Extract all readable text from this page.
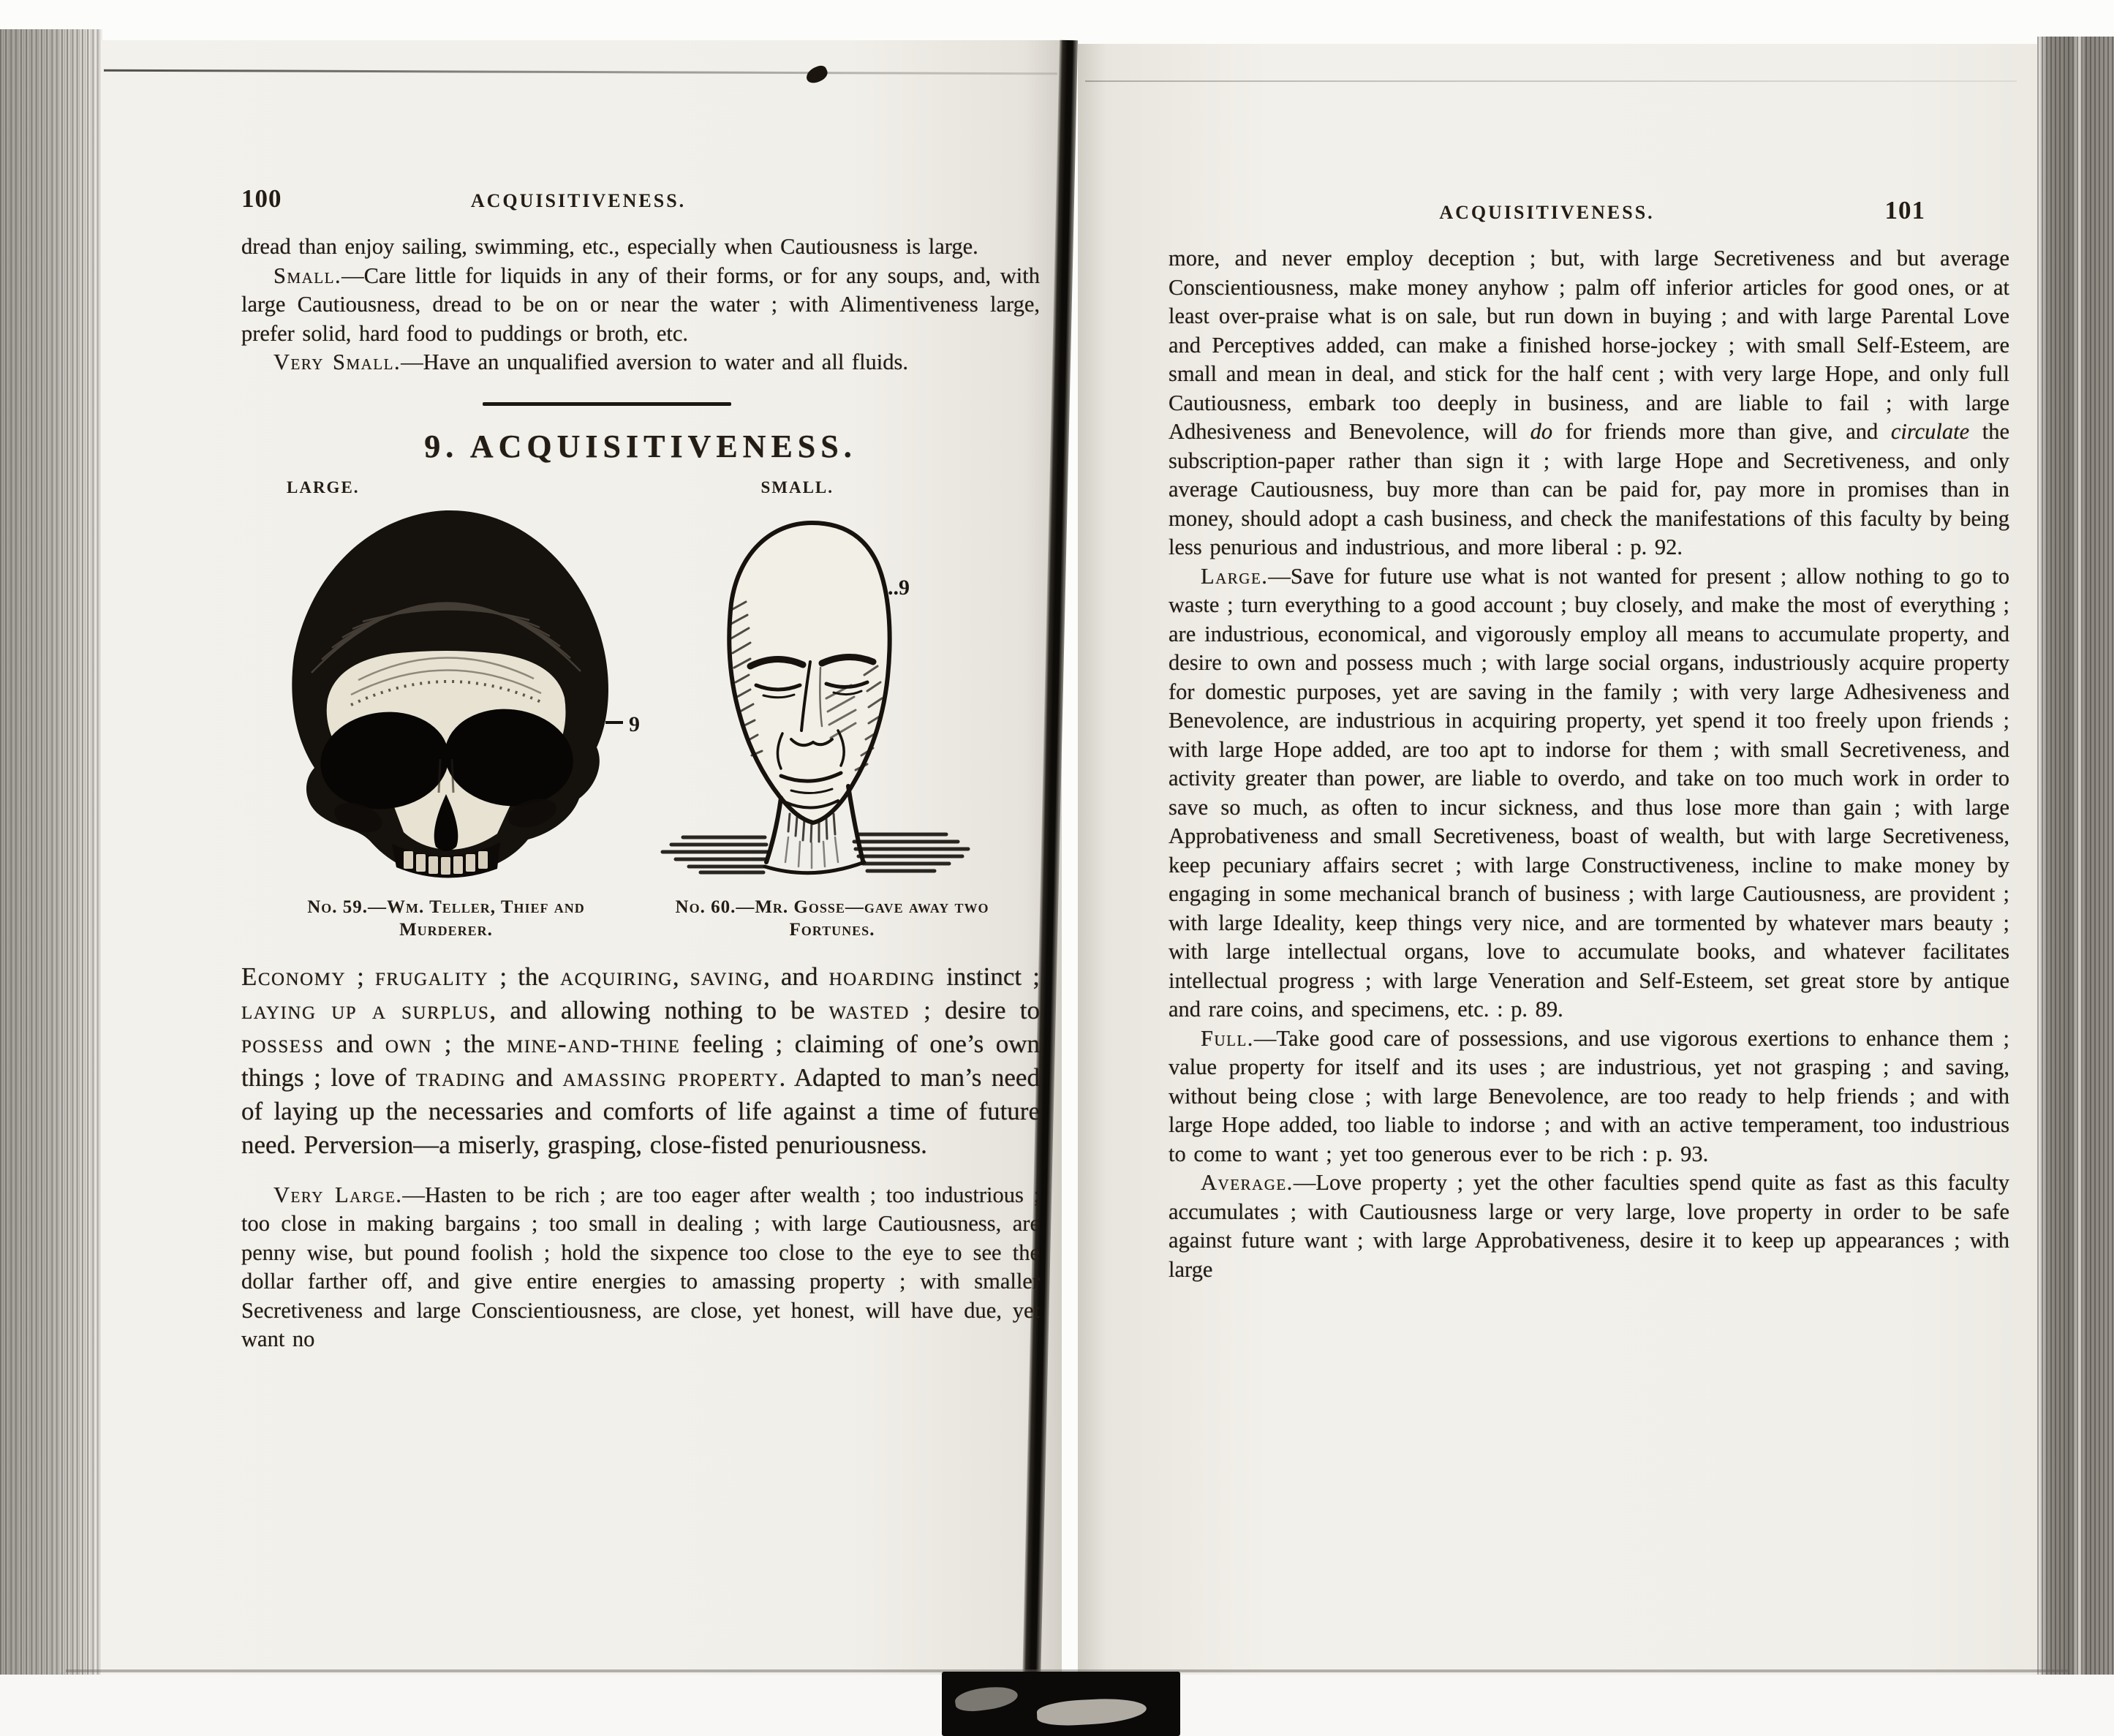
100	ACQUISITIVENESS.

dread than enjoy sailing, swimming, etc., especially when Cautiousness is large.

Small.—Care little for liquids in any of their forms, or for any soups, and, with large Cautiousness, dread to be on or near the water ; with Alimentiveness large, prefer solid, hard food to puddings or broth, etc.

Very Small.—Have an unqualified aversion to water and all fluids.

9. ACQUISITIVENESS.
LARGE.	SMALL.
9
..9
No. 59.—Wm. Teller, Thief and Murderer.
No. 60.—Mr. Gosse—gave away two Fortunes.

Economy ; frugality ; the acquiring, saving, and hoarding instinct ; laying up a surplus, and allowing nothing to be wasted ; desire to possess and own ; the mine-and-thine feeling ; claiming of one’s own things ; love of trading and amassing property. Adapted to man’s need of laying up the necessaries and comforts of life against a time of future need. Perversion—a miserly, grasping, close-fisted penuriousness.

Very Large.—Hasten to be rich ; are too eager after wealth ; too industrious ; too close in making bargains ; too small in dealing ; with large Cautiousness, are penny wise, but pound foolish ; hold the sixpence too close to the eye to see the dollar farther off, and give entire energies to amassing property ; with smaller Secretiveness and large Conscientiousness, are close, yet honest, will have due, yet want no

ACQUISITIVENESS.	101

more, and never employ deception ; but, with large Secretiveness and but average Conscientiousness, make money anyhow ; palm off inferior articles for good ones, or at least over-praise what is on sale, but run down in buying ; and with large Parental Love and Perceptives added, can make a finished horse-jockey ; with small Self-Esteem, are small and mean in deal, and stick for the half cent ; with very large Hope, and only full Cautiousness, embark too deeply in business, and are liable to fail ; with large Adhesiveness and Benevolence, will do for friends more than give, and circulate the subscription-paper rather than sign it ; with large Hope and Secretiveness, and only average Cautiousness, buy more than can be paid for, pay more in promises than in money, should adopt a cash business, and check the manifestations of this faculty by being less penurious and industrious, and more liberal : p. 92.

Large.—Save for future use what is not wanted for present ; allow nothing to go to waste ; turn everything to a good account ; buy closely, and make the most of everything ; are industrious, economical, and vigorously employ all means to accumulate property, and desire to own and possess much ; with large social organs, industriously acquire property for domestic purposes, yet are saving in the family ; with very large Adhesiveness and Benevolence, are industrious in acquiring property, yet spend it too freely upon friends ; with large Hope added, are too apt to indorse for them ; with small Secretiveness, and activity greater than power, are liable to overdo, and take on too much work in order to save so much, as often to incur sickness, and thus lose more than gain ; with large Approbativeness and small Secretiveness, boast of wealth, but with large Secretiveness, keep pecuniary affairs secret ; with large Constructiveness, incline to make money by engaging in some mechanical branch of business ; with large Cautiousness, are provident ; with large Ideality, keep things very nice, and are tormented by whatever mars beauty ; with large intellectual organs, love to accumulate books, and whatever facilitates intellectual progress ; with large Veneration and Self-Esteem, set great store by antique and rare coins, and specimens, etc. : p. 89.

Full.—Take good care of possessions, and use vigorous exertions to enhance them ; value property for itself and its uses ; are industrious, yet not grasping ; and saving, without being close ; with large Benevolence, are too ready to help friends ; and with large Hope added, too liable to indorse ; and with an active temperament, too industrious to come to want ; yet too generous ever to be rich : p. 93.

Average.—Love property ; yet the other faculties spend quite as fast as this faculty accumulates ; with Cautiousness large or very large, love property in order to be safe against future want ; with large Approbativeness, desire it to keep up appearances ; with large
